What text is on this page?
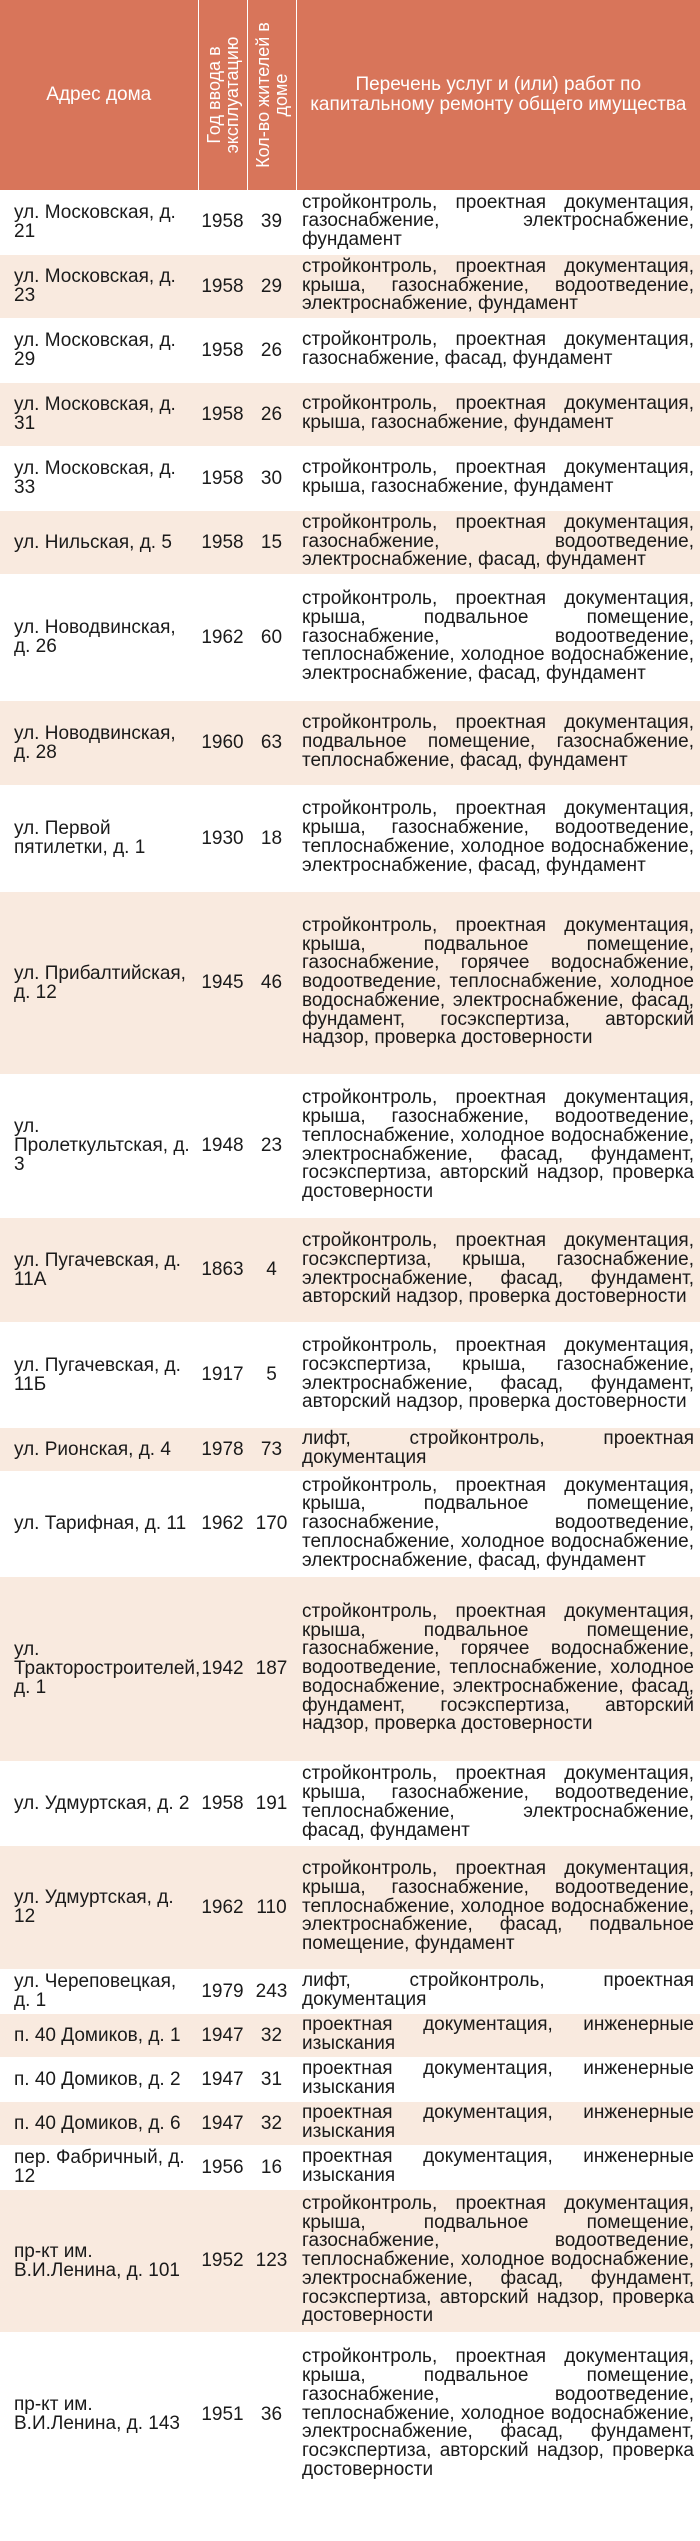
Адрес дома	Год ввода в эксплуатацию	Кол-во жителей в доме	Перечень услуг и (или) работ по капитальному ремонту общего имущества
ул. Московская, д. 21	1958	39	стройконтроль, проектная документация, газоснабжение, электроснабжение, фундамент
ул. Московская, д. 23	1958	29	стройконтроль, проектная документация, крыша, газоснабжение, водоотведение, электроснабжение, фундамент
ул. Московская, д. 29	1958	26	стройконтроль, проектная документация, газоснабжение, фасад, фундамент
ул. Московская, д. 31	1958	26	стройконтроль, проектная документация, крыша, газоснабжение, фундамент
ул. Московская, д. 33	1958	30	стройконтроль, проектная документация, крыша, газоснабжение, фундамент
ул. Нильская, д. 5	1958	15	стройконтроль, проектная документация, газоснабжение, водоотведение, электроснабжение, фасад, фундамент
ул. Новодвинская, д. 26	1962	60	стройконтроль, проектная документация, крыша, подвальное помещение, газоснабжение, водоотведение, теплоснабжение, холодное водоснабжение, электроснабжение, фасад, фундамент
ул. Новодвинская, д. 28	1960	63	стройконтроль, проектная документация, подвальное помещение, газоснабжение, теплоснабжение, фасад, фундамент
ул. Первой пятилетки, д. 1	1930	18	стройконтроль, проектная документация, крыша, газоснабжение, водоотведение, теплоснабжение, холодное водоснабжение, электроснабжение, фасад, фундамент
ул. Прибалтийская, д. 12	1945	46	стройконтроль, проектная документация, крыша, подвальное помещение, газоснабжение, горячее водоснабжение, водоотведение, теплоснабжение, холодное водоснабжение, электроснабжение, фасад, фундамент, госэкспертиза, авторский надзор, проверка достоверности
ул. Пролеткультская, д. 3	1948	23	стройконтроль, проектная документация, крыша, газоснабжение, водоотведение, теплоснабжение, холодное водоснабжение, электроснабжение, фасад, фундамент, госэкспертиза, авторский надзор, проверка достоверности
ул. Пугачевская, д. 11А	1863	4	стройконтроль, проектная документация, госэкспертиза, крыша, газоснабжение, электроснабжение, фасад, фундамент, авторский надзор, проверка достоверности
ул. Пугачевская, д. 11Б	1917	5	стройконтроль, проектная документация, госэкспертиза, крыша, газоснабжение, электроснабжение, фасад, фундамент, авторский надзор, проверка достоверности
ул. Рионская, д. 4	1978	73	лифт, стройконтроль, проектная документация
ул. Тарифная, д. 11	1962	170	стройконтроль, проектная документация, крыша, подвальное помещение, газоснабжение, водоотведение, теплоснабжение, холодное водоснабжение, электроснабжение, фасад, фундамент
ул. Тракторостроителей, д. 1	1942	187	стройконтроль, проектная документация, крыша, подвальное помещение, газоснабжение, горячее водоснабжение, водоотведение, теплоснабжение, холодное водоснабжение, электроснабжение, фасад, фундамент, госэкспертиза, авторский надзор, проверка достоверности
ул. Удмуртская, д. 2	1958	191	стройконтроль, проектная документация, крыша, газоснабжение, водоотведение, теплоснабжение, электроснабжение, фасад, фундамент
ул. Удмуртская, д. 12	1962	110	стройконтроль, проектная документация, крыша, газоснабжение, водоотведение, теплоснабжение, холодное водоснабжение, электроснабжение, фасад, подвальное помещение, фундамент
ул. Череповецкая, д. 1	1979	243	лифт, стройконтроль, проектная документация
п. 40 Домиков, д. 1	1947	32	проектная документация, инженерные изыскания
п. 40 Домиков, д. 2	1947	31	проектная документация, инженерные изыскания
п. 40 Домиков, д. 6	1947	32	проектная документация, инженерные изыскания
пер. Фабричный, д. 12	1956	16	проектная документация, инженерные изыскания
пр-кт им. В.И.Ленина, д. 101	1952	123	стройконтроль, проектная документация, крыша, подвальное помещение, газоснабжение, водоотведение, теплоснабжение, холодное водоснабжение, электроснабжение, фасад, фундамент, госэкспертиза, авторский надзор, проверка достоверности
пр-кт им. В.И.Ленина, д. 143	1951	36	стройконтроль, проектная документация, крыша, подвальное помещение, газоснабжение, водоотведение, теплоснабжение, холодное водоснабжение, электроснабжение, фасад, фундамент, госэкспертиза, авторский надзор, проверка достоверности
